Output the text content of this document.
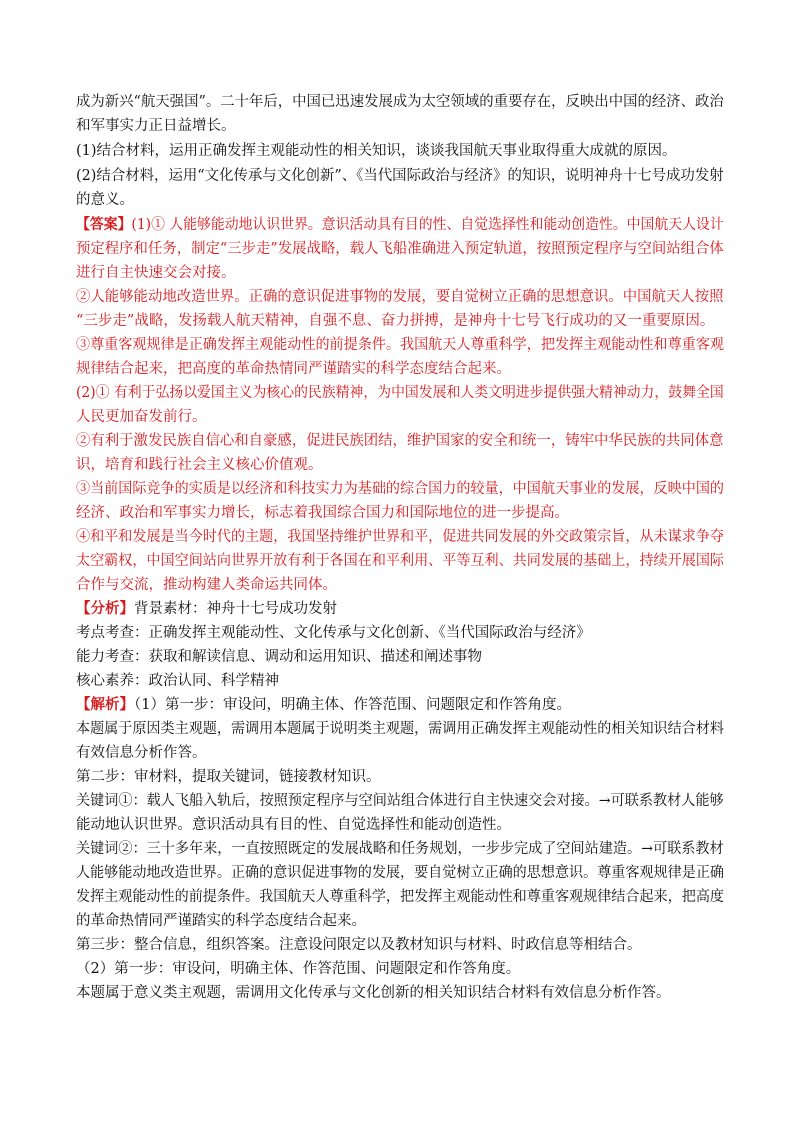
成为新兴“航天强国”。二十年后，中国已迅速发展成为太空领域的重要存在，反映出中国的经济、政治
和军事实力正日益增长。
(1)结合材料，运用正确发挥主观能动性的相关知识，谈谈我国航天事业取得重大成就的原因。
(2)结合材料，运用“文化传承与文化创新”、《当代国际政治与经济》的知识，说明神舟十七号成功发射
的意义。
【答案】(1)① 人能够能动地认识世界。意识活动具有目的性、自觉选择性和能动创造性。中国航天人设计
预定程序和任务，制定“三步走”发展战略，载人飞船准确进入预定轨道，按照预定程序与空间站组合体
进行自主快速交会对接。
②人能够能动地改造世界。正确的意识促进事物的发展，要自觉树立正确的思想意识。中国航天人按照
“三步走”战略，发扬载人航天精神，自强不息、奋力拼搏，是神舟十七号飞行成功的又一重要原因。
③尊重客观规律是正确发挥主观能动性的前提条件。我国航天人尊重科学，把发挥主观能动性和尊重客观
规律结合起来，把高度的革命热情同严谨踏实的科学态度结合起来。
(2)① 有利于弘扬以爱国主义为核心的民族精神，为中国发展和人类文明进步提供强大精神动力，鼓舞全国
人民更加奋发前行。
②有利于激发民族自信心和自豪感，促进民族团结，维护国家的安全和统一，铸牢中华民族的共同体意
识，培育和践行社会主义核心价值观。
③当前国际竞争的实质是以经济和科技实力为基础的综合国力的较量，中国航天事业的发展，反映中国的
经济、政治和军事实力增长，标志着我国综合国力和国际地位的进一步提高。
④和平和发展是当今时代的主题，我国坚持维护世界和平，促进共同发展的外交政策宗旨，从未谋求争夺
太空霸权，中国空间站向世界开放有利于各国在和平利用、平等互利、共同发展的基础上，持续开展国际
合作与交流，推动构建人类命运共同体。
【分析】背景素材：神舟十七号成功发射
考点考查：正确发挥主观能动性、文化传承与文化创新、《当代国际政治与经济》
能力考查：获取和解读信息、调动和运用知识、描述和阐述事物
核心素养：政治认同、科学精神
【解析】（1）第一步：审设问，明确主体、作答范围、问题限定和作答角度。
本题属于原因类主观题，需调用本题属于说明类主观题，需调用正确发挥主观能动性的相关知识结合材料
有效信息分析作答。
第二步：审材料，提取关键词，链接教材知识。
关键词①：载人飞船入轨后，按照预定程序与空间站组合体进行自主快速交会对接。→可联系教材人能够
能动地认识世界。意识活动具有目的性、自觉选择性和能动创造性。
关键词②：三十多年来，一直按照既定的发展战略和任务规划，一步步完成了空间站建造。→可联系教材
人能够能动地改造世界。正确的意识促进事物的发展，要自觉树立正确的思想意识。尊重客观规律是正确
发挥主观能动性的前提条件。我国航天人尊重科学，把发挥主观能动性和尊重客观规律结合起来，把高度
的革命热情同严谨踏实的科学态度结合起来。
第三步：整合信息，组织答案。注意设问限定以及教材知识与材料、时政信息等相结合。
（2）第一步：审设问，明确主体、作答范围、问题限定和作答角度。
本题属于意义类主观题，需调用文化传承与文化创新的相关知识结合材料有效信息分析作答。
